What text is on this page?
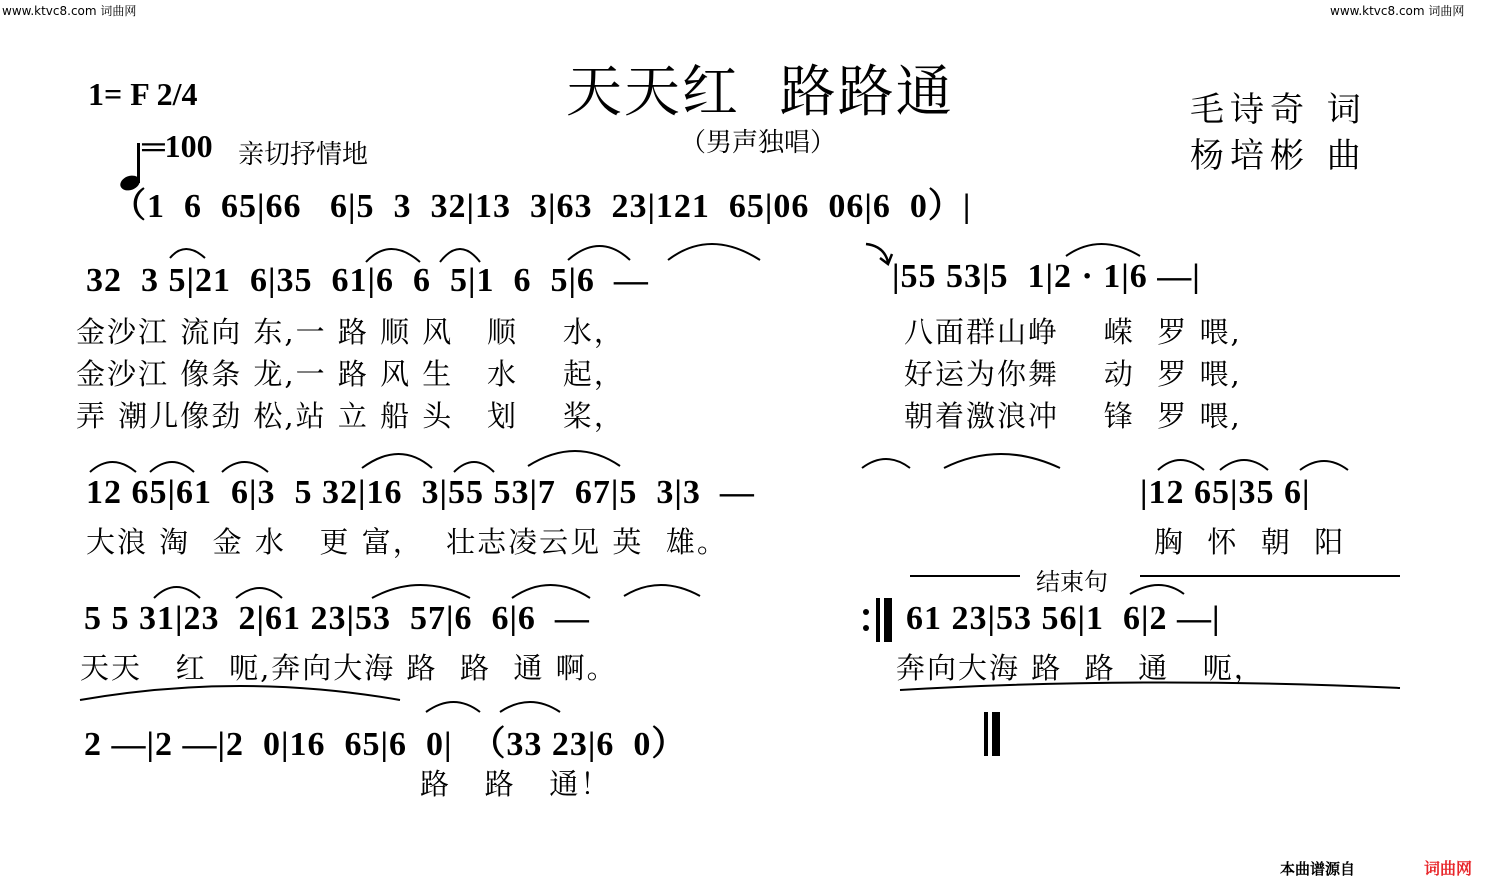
www.ktvc8.com 词曲网	www.ktvc8.com 词曲网
1= F 2/4

═100 亲切抒情地
天天红  路路通
（男声独唱）
毛诗奇 词
杨培彬 曲
（1  6  65|66   6|5  3  32|13  3|63  23|121  65|06  06|6  0）|
32  3 5|21  6|35  61|6  6  5|1  6  5|6  —	|55 53|5  1|2 · 1|6 —|
金沙江 流向 东,一 路 顺 风   顺    水，	八面群山峥    嵘  罗 喂,
金沙江 像条 龙,一 路 风 生   水    起，	好运为你舞    动  罗 喂,
弄 潮儿像劲 松,站 立 船 头   划    桨，	朝着激浪冲    锋  罗 喂,
12 65|61  6|3  5 32|16  3|55 53|7  67|5  3|3  —	|12 65|35 6|
大浪 淘  金 水   更 富，  壮志凌云见 英  雄。	胸  怀  朝  阳
结束句
5 5 31|23  2|61 23|53  57|6  6|6  —	61 23|53 56|1  6|2 —|
天天   红  呃,奔向大海 路  路  通 啊。	奔向大海 路  路  通   呃，
2 —|2 —|2  0|16  65|6  0|  （33 23|6  0）
路   路   通！
本曲谱源自	词曲网
